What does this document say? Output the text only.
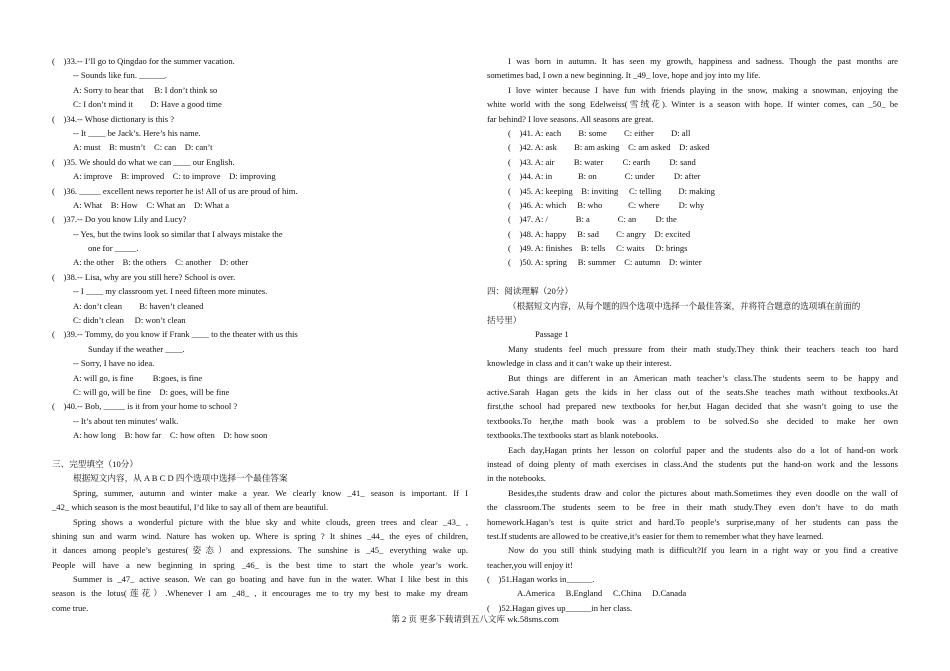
(　)33.-- I’ll go to Qingdao for the summer vacation.
-- Sounds like fun. ______.
A: Sorry to hear that　 B: I don’t think so
C: I don’t mind it　　D: Have a good time
(　)34.-- Whose dictionary is this ?
-- It ____ be Jack’s. Here’s his name.
A: must　B: mustn’t　C: can　D: can’t
(　)35. We should do what we can ____ our English.
A: improve　B: improved　C: to improve　D: improving
(　)36. _____ excellent news reporter he is! All of us are proud of him.
A: What　B: How　C: What an　D: What a
(　)37.-- Do you know Lily and Lucy?
-- Yes, but the twins look so similar that I always mistake the
one for _____.
A: the other　B: the others　C: another　D: other
(　)38.-- Lisa, why are you still here? School is over.
-- I ____ my classroom yet. I need fifteen more minutes.
A: don’t clean　　B: haven’t cleaned
C: didn’t clean　 D: won’t clean
(　)39.-- Tommy, do you know if Frank ____ to the theater with us this
Sunday if the weather ____.
-- Sorry, I have no idea.
A: will go, is fine　　 B:goes, is fine
C: will go, will be fine　D: goes, will be fine
(　)40.-- Bob, _____ is it from your home to school ?
-- It’s about ten minutes’ walk.
A: how long　B: how far　C: how often　D: how soon
三、完型填空（10分）
根据短文内容，从 A B C D 四个选项中选择一个最佳答案
Spring, summer, autumn and winter make a year. We clearly know _41_ season is important. If I
_42_ which season is the most beautiful, I’d like to say all of them are beautiful.
Spring shows a wonderful picture with the blue sky and white clouds, green trees and clear _43_ ,
shining sun and warm wind. Nature has woken up. Where is spring ? It shines _44_ the eyes of children,
it dances among people’s gestures(姿态）and expressions. The sunshine is _45_ everything wake up.
People will have a new beginning in spring _46_ is the best time to start the whole year’s work.
Summer is _47_ active season. We can go boating and have fun in the water. What I like best in this
season is the lotus(莲花）.Whenever I am _48_ , it encourages me to try my best to make my dream
come true.
I was born in autumn. It has seen my growth, happiness and sadness. Though the past months are
sometimes bad, I own a new beginning. It _49_ love, hope and joy into my life.
I love winter because I have fun with friends playing in the snow, making a snowman, enjoying the
white world with the song Edelweiss(雪绒花). Winter is a season with hope. If winter comes, can _50_ be
far behind? I love seasons. All seasons are great.
(　)41. A: each　　B: some　　C: either　　D: all
(　)42. A: ask　　B: am asking　C: am asked　D: asked
(　)43. A: air　　 B: water　　 C: earth　　 D: sand
(　)44. A: in　　　B: on　　　 C: under　　 D: after
(　)45. A: keeping　B: inviting　 C: telling　　D: making
(　)46. A: which　 B: who　　　C: where　　 D: why
(　)47. A: /　　　 B: a　　　 C: an　　 D: the
(　)48. A: happy　 B: sad　　C: angry　D: excited
(　)49. A: finishes　B: tells　 C: waits　 D: brings
(　)50. A: spring　 B: summer　C: autumn　D: winter
四：阅读理解（20分）
（根据短文内容，从每个题的四个选项中选择一个最佳答案，并将符合题意的选项填在前面的
括号里）
Passage 1
Many students feel much pressure from their math study.They think their teachers teach too hard
knowledge in class and it can’t wake up their interest.
But things are different in an American math teacher’s class.The students seem to be happy and
active.Sarah Hagan gets the kids in her class out of the seats.She teaches math without textbooks.At
first,the school had prepared new textbooks for her,but Hagan decided that she wasn’t going to use the
textbooks.To her,the math book was a problem to be solved.So she decided to make her own
textbooks.The textbooks start as blank notebooks.
Each day,Hagan prints her lesson on colorful paper and the students also do a lot of hand-on work
instead of doing plenty of math exercises in class.And the students put the hand-on work and the lessons
in the notebooks.
Besides,the students draw and color the pictures about math.Sometimes they even doodle on the wall of
the classroom.The students seem to be free in their math study.They even don’t have to do math
homework.Hagan’s test is quite strict and hard.To people’s surprise,many of her students can pass the
test.If students are allowed to be creative,it’s easier for them to remember what they have learned.
Now do you still think studying math is difficult?If you learn in a right way or you find a creative
teacher,you will enjoy it!
(　)51.Hagan works in______.
A.America　 B.England　 C.China　 D.Canada
(　)52.Hagan gives up______in her class.
第 2 页 更多下载请到五八文库 wk.58sms.com
